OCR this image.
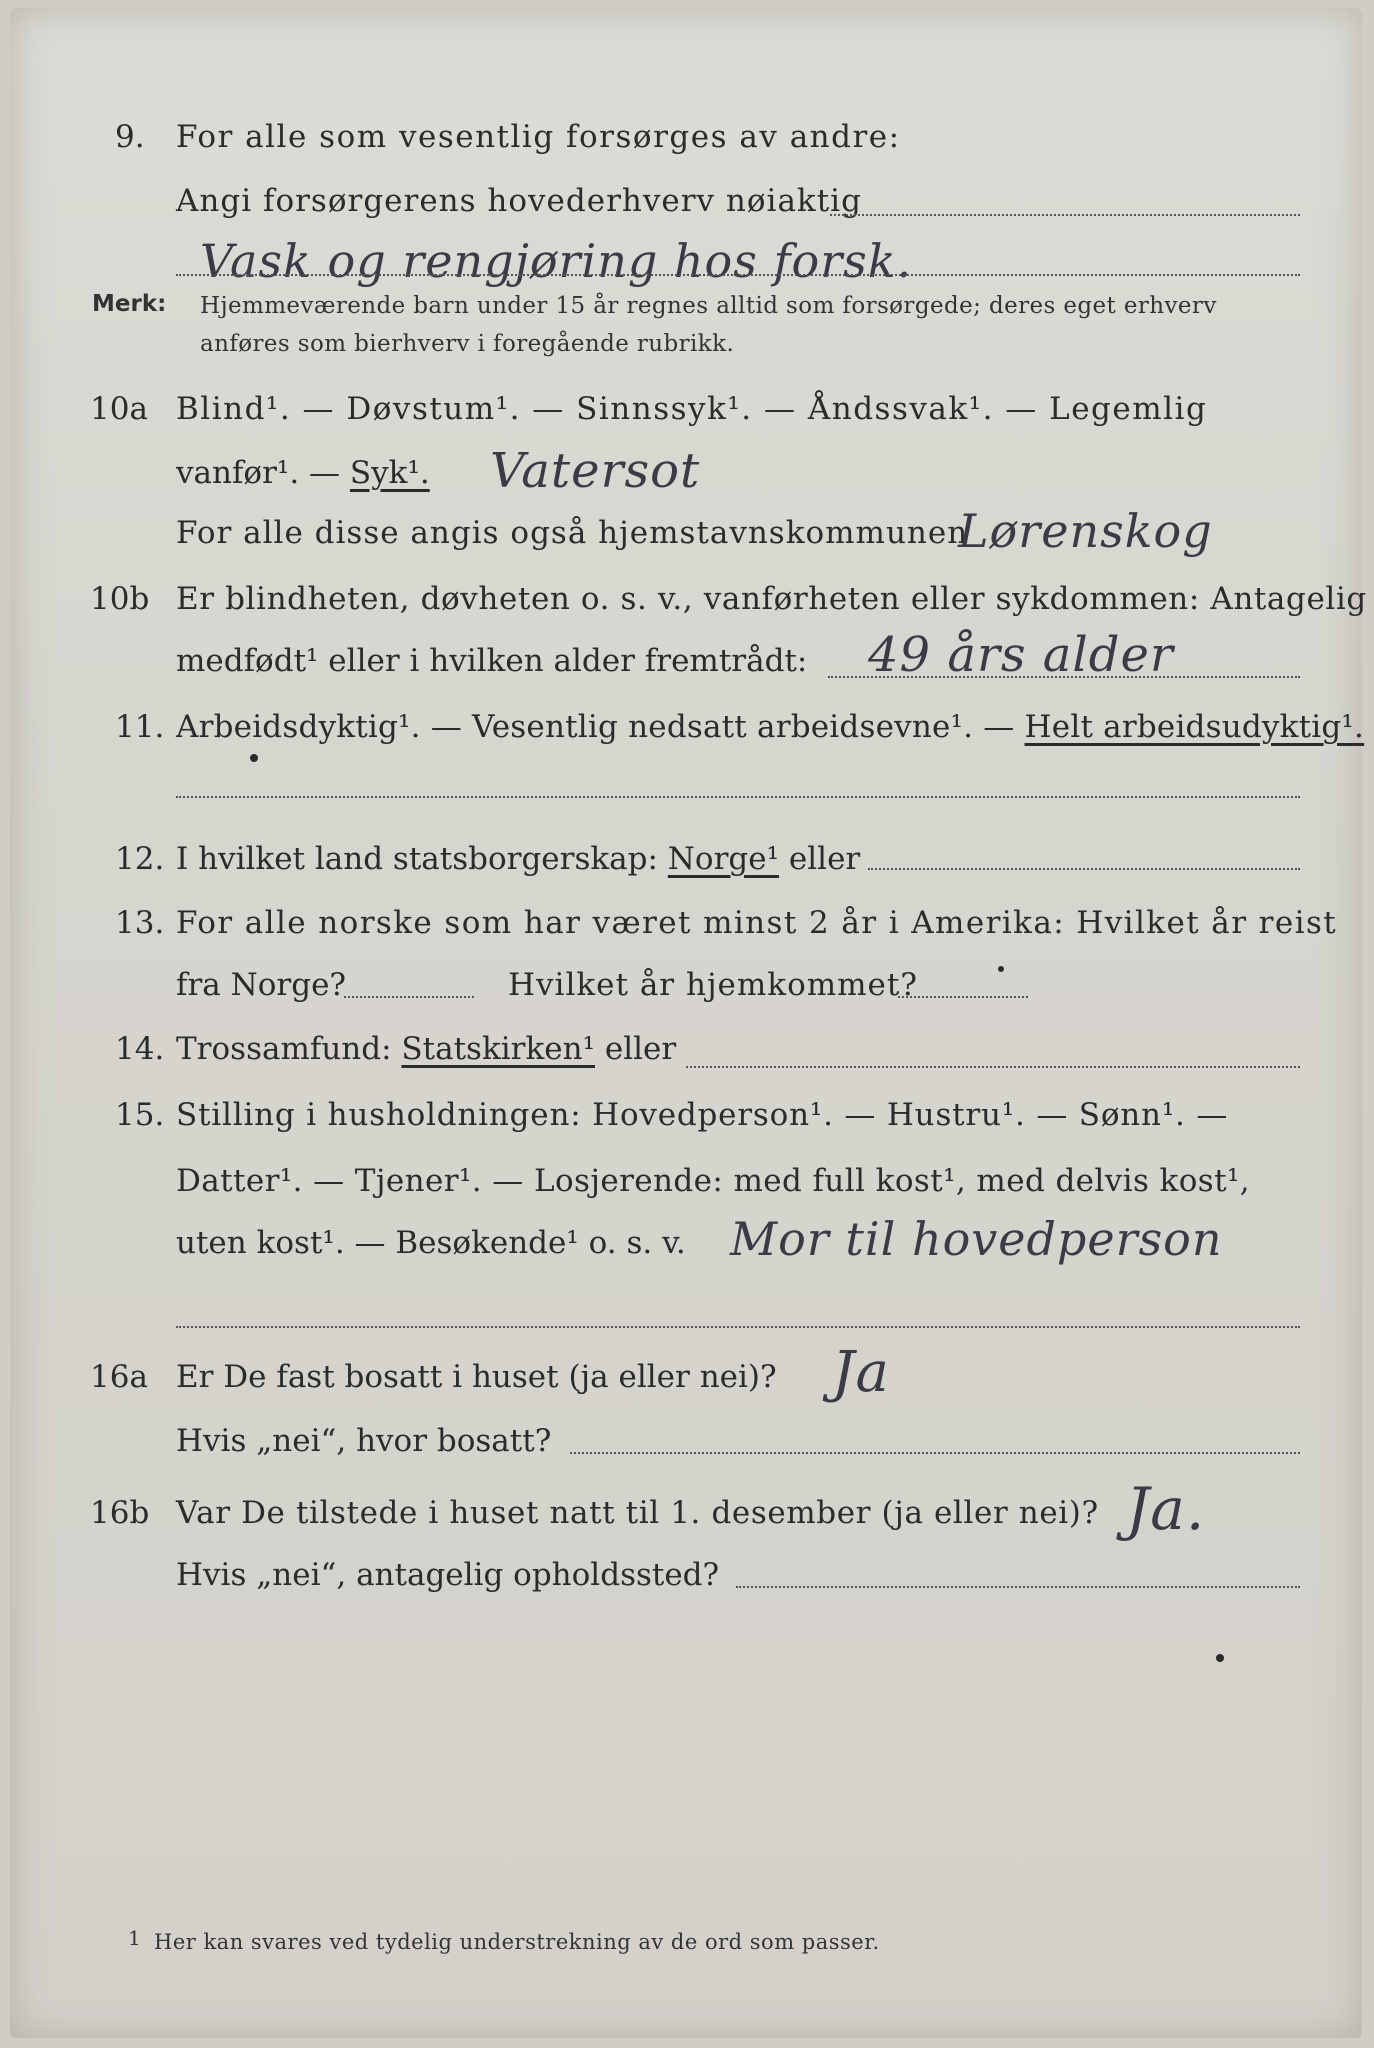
9. For alle som vesentlig forsørges av andre:
Angi forsørgerens hovederhverv nøiaktig
Vask og rengjøring hos forsk.
Merk: Hjemmeværende barn under 15 år regnes alltid som forsørgede; deres eget erhverv
anføres som bierhverv i foregående rubrikk.
10a Blind¹. — Døvstum¹. — Sinnssyk¹. — Åndssvak¹. — Legemlig
vanfør¹. — Syk¹. Vatersot
For alle disse angis også hjemstavnskommunen
Lørenskog
10b Er blindheten, døvheten o. s. v., vanførheten eller sykdommen: Antagelig
medfødt¹ eller i hvilken alder fremtrådt: 49 års alder
11. Arbeidsdyktig¹. — Vesentlig nedsatt arbeidsevne¹. — Helt arbeidsudyktig¹.
12. I hvilket land statsborgerskap: Norge¹ eller
13. For alle norske som har været minst 2 år i Amerika: Hvilket år reist
fra Norge?	Hvilket år hjemkommet?
14. Trossamfund: Statskirken¹ eller
15. Stilling i husholdningen: Hovedperson¹. — Hustru¹. — Sønn¹. —
Datter¹. — Tjener¹. — Losjerende: med full kost¹, med delvis kost¹,
uten kost¹. — Besøkende¹ o. s. v. Mor til hovedperson
16a Er De fast bosatt i huset (ja eller nei)? Ja
Hvis „nei“, hvor bosatt?
16b Var De tilstede i huset natt til 1. desember (ja eller nei)? Ja.
Hvis „nei“, antagelig opholdssted?
1 Her kan svares ved tydelig understrekning av de ord som passer.
